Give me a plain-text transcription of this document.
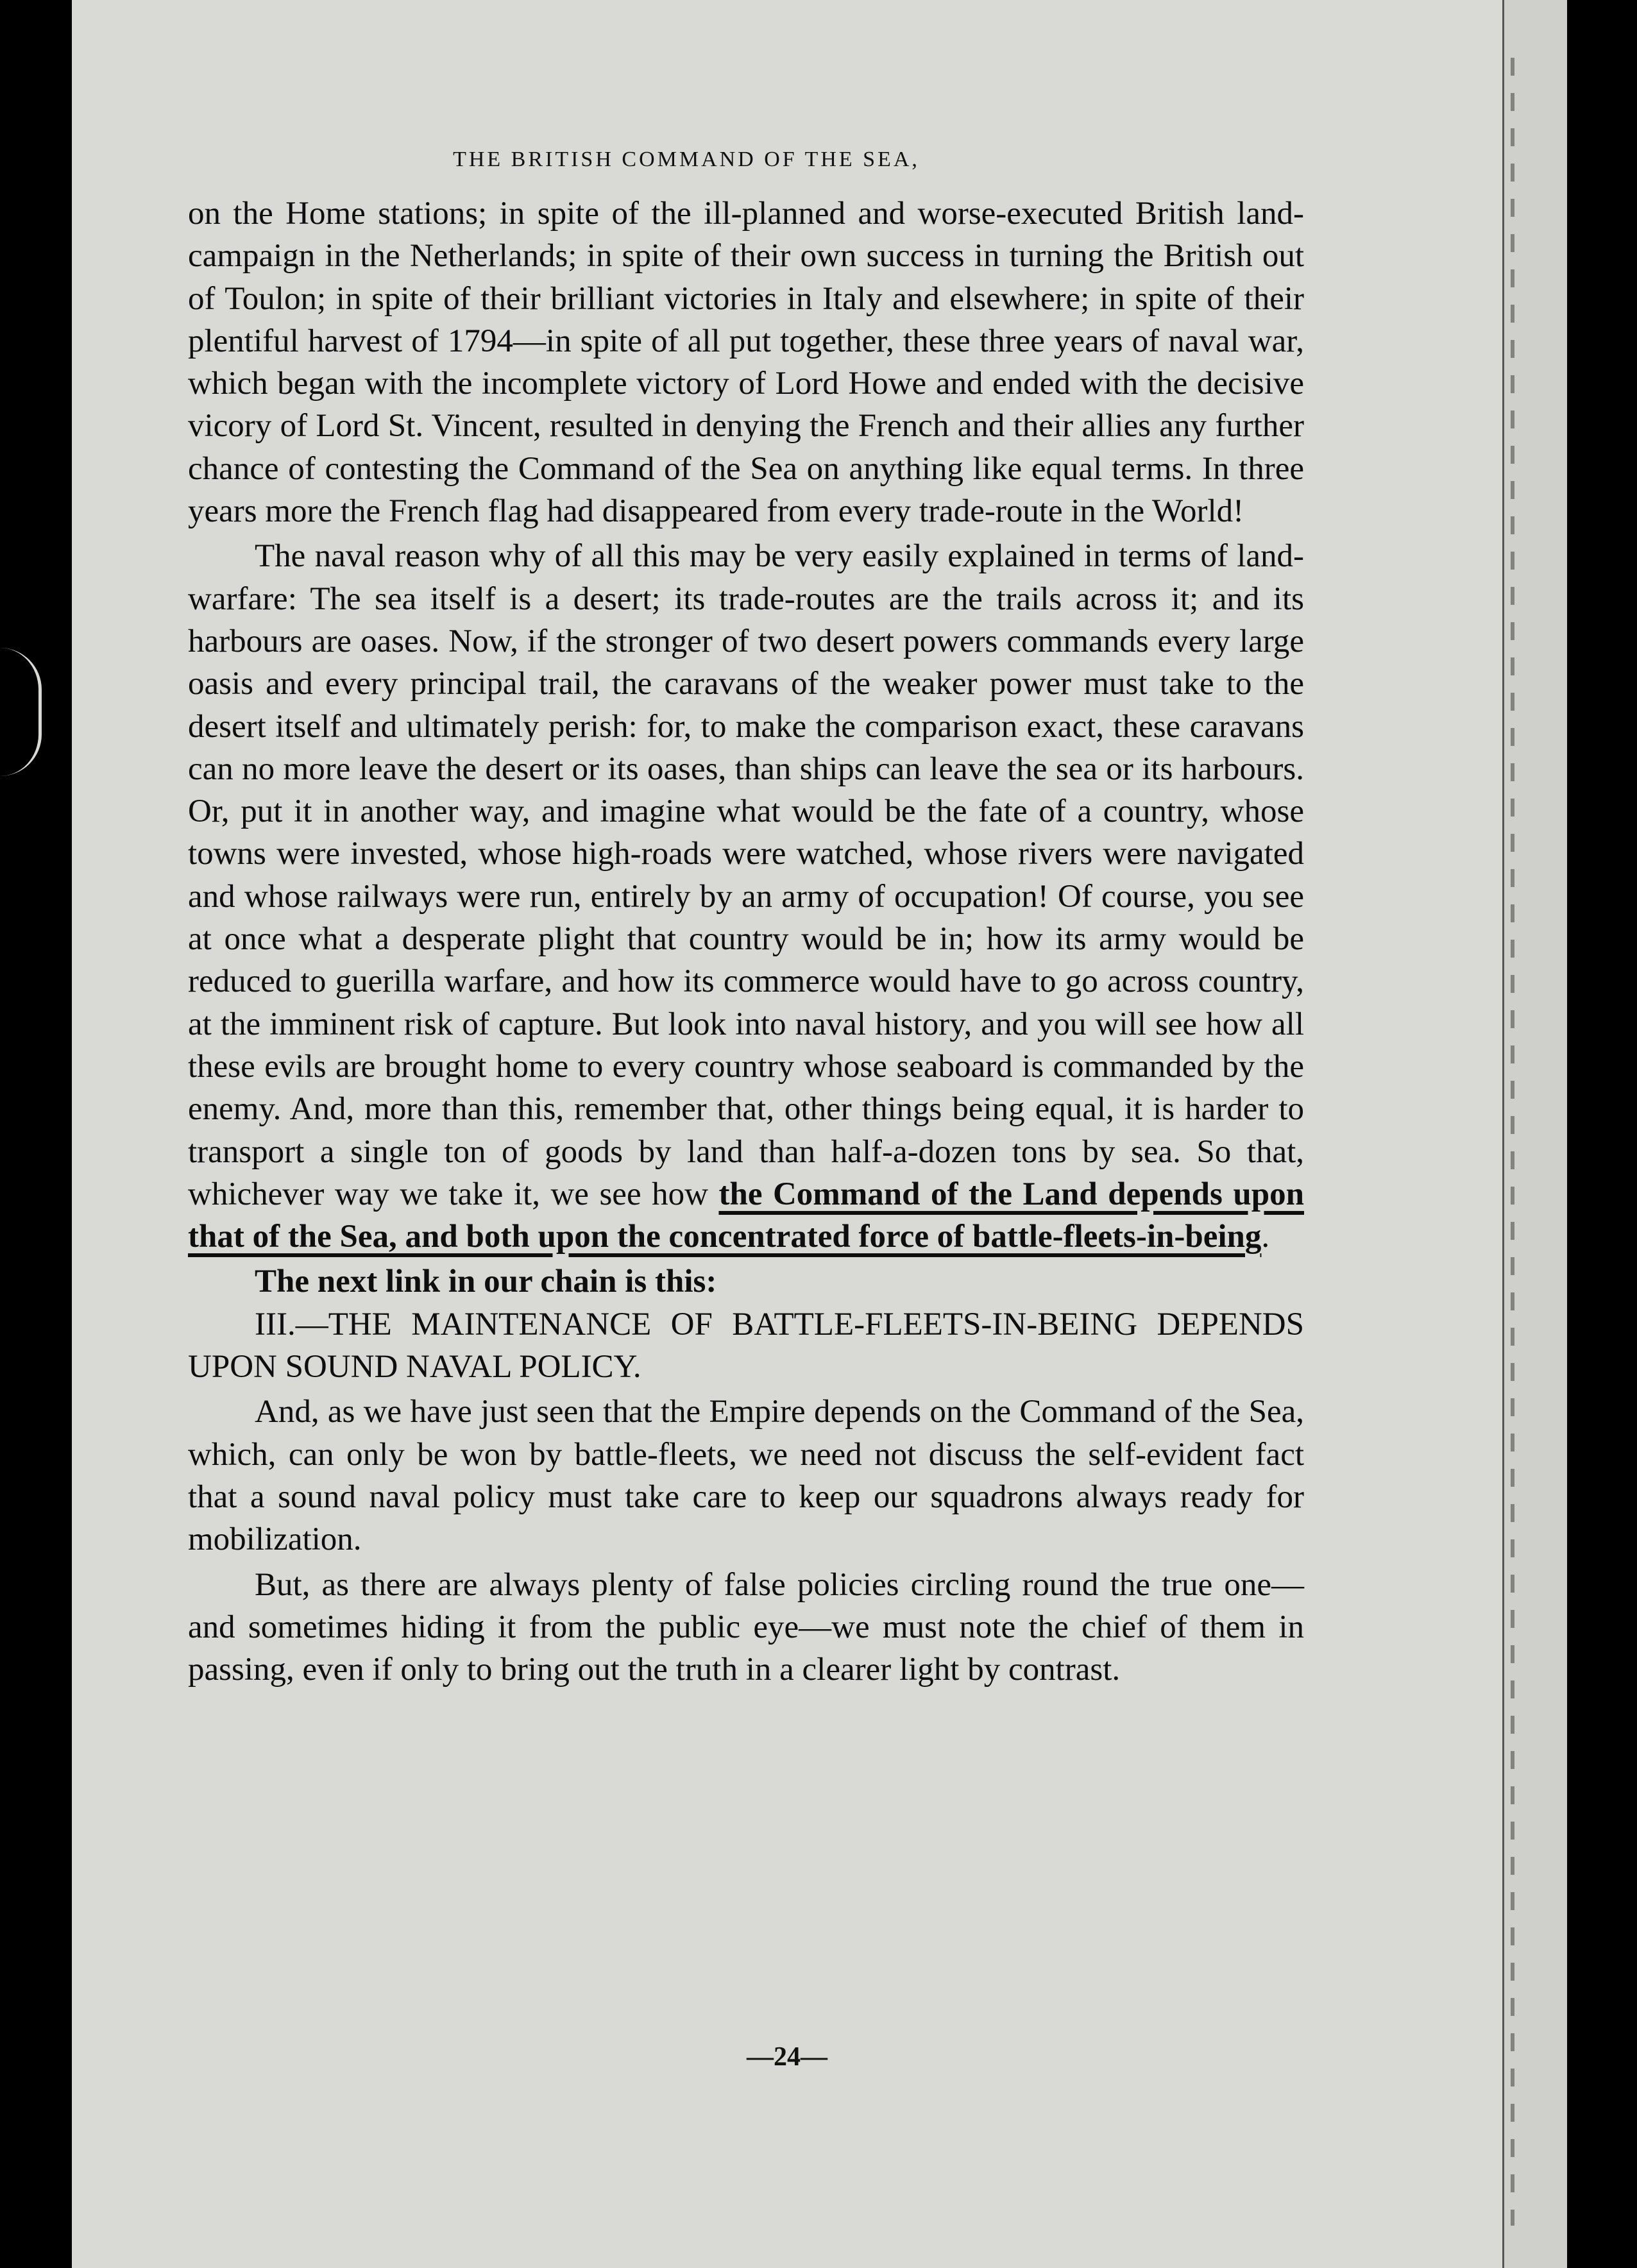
THE BRITISH COMMAND OF THE SEA,

on the Home stations; in spite of the ill-planned and worse-executed British land-campaign in the Netherlands; in spite of their own success in turning the British out of Toulon; in spite of their brilliant victories in Italy and elsewhere; in spite of their plentiful harvest of 1794—in spite of all put together, these three years of naval war, which began with the incomplete victory of Lord Howe and ended with the decisive vicory of Lord St. Vincent, resulted in denying the French and their allies any further chance of contesting the Command of the Sea on anything like equal terms. In three years more the French flag had disappeared from every trade-route in the World!

The naval reason why of all this may be very easily explained in terms of land-warfare: The sea itself is a desert; its trade-routes are the trails across it; and its harbours are oases. Now, if the stronger of two desert powers commands every large oasis and every principal trail, the caravans of the weaker power must take to the desert itself and ultimately perish: for, to make the comparison exact, these caravans can no more leave the desert or its oases, than ships can leave the sea or its harbours. Or, put it in another way, and imagine what would be the fate of a country, whose towns were invested, whose high-roads were watched, whose rivers were navigated and whose railways were run, entirely by an army of occupation! Of course, you see at once what a desperate plight that country would be in; how its army would be reduced to guerilla warfare, and how its commerce would have to go across country, at the imminent risk of capture. But look into naval history, and you will see how all these evils are brought home to every country whose seaboard is commanded by the enemy. And, more than this, remember that, other things being equal, it is harder to transport a single ton of goods by land than half-a-dozen tons by sea. So that, whichever way we take it, we see how the Command of the Land depends upon that of the Sea, and both upon the concentrated force of battle-fleets-in-being.

The next link in our chain is this:

III.—THE MAINTENANCE OF BATTLE-FLEETS-IN-BEING DEPENDS UPON SOUND NAVAL POLICY.

And, as we have just seen that the Empire depends on the Command of the Sea, which, can only be won by battle-fleets, we need not discuss the self-evident fact that a sound naval policy must take care to keep our squadrons always ready for mobilization.

But, as there are always plenty of false policies circling round the true one—and sometimes hiding it from the public eye—we must note the chief of them in passing, even if only to bring out the truth in a clearer light by contrast.

—24—
